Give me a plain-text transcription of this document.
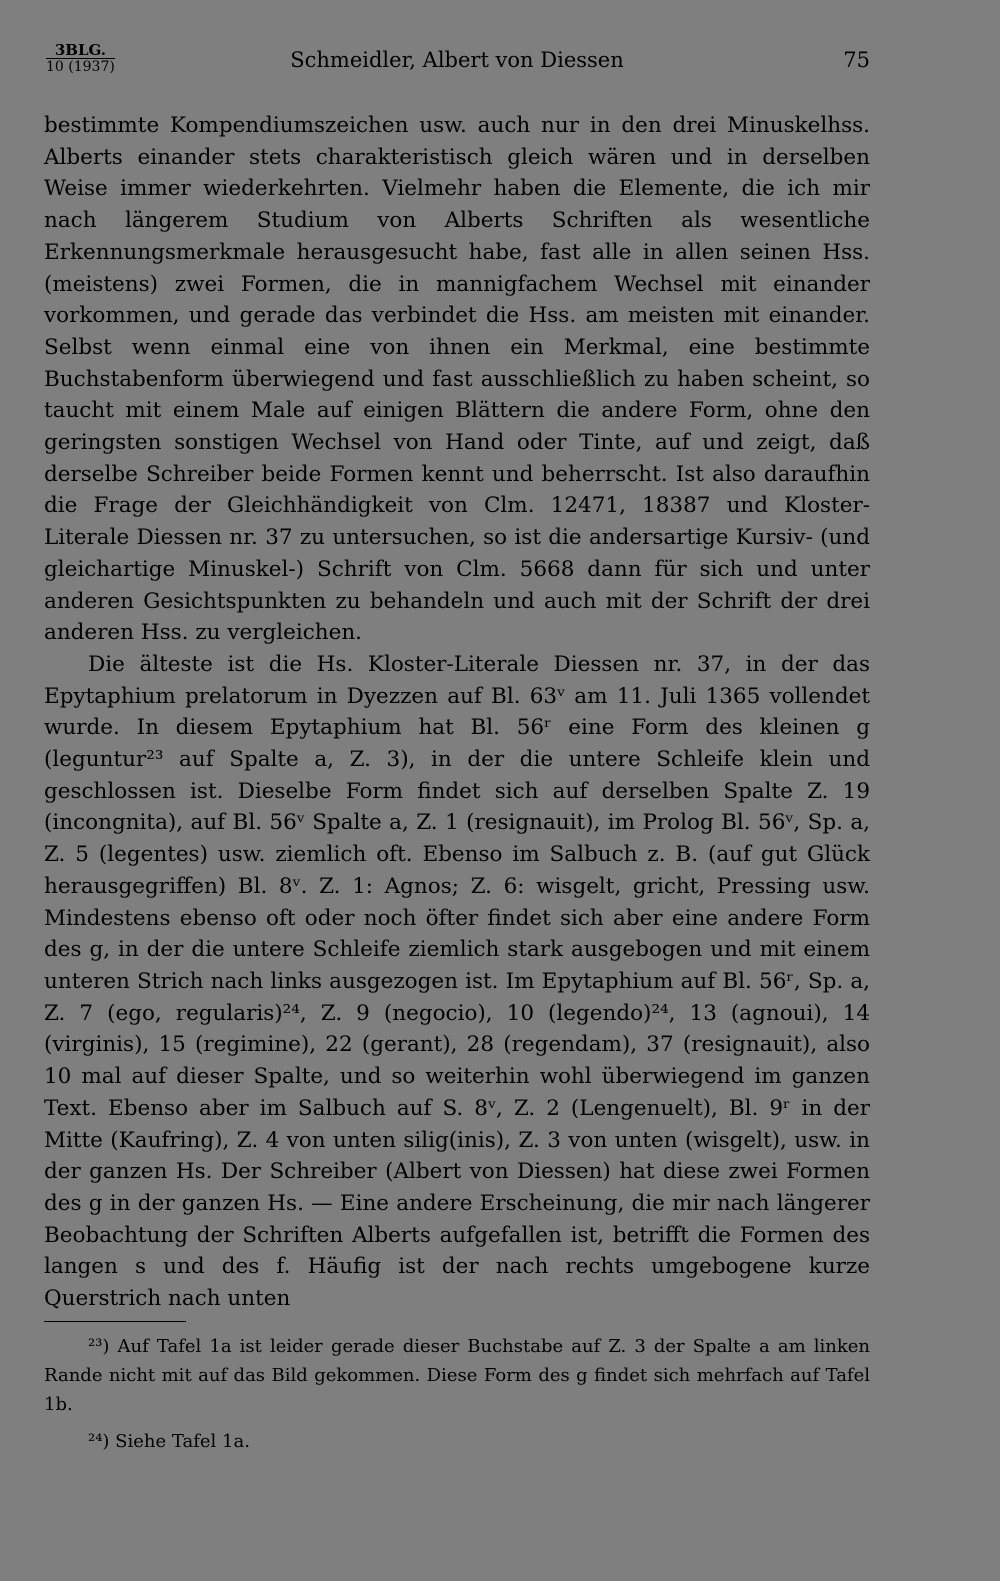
3BLG.
10 (1937)	Schmeidler, Albert von Diessen	75

bestimmte Kompendiumszeichen usw. auch nur in den drei Minuskelhss. Alberts einander stets charakteristisch gleich wären und in derselben Weise immer wiederkehrten. Vielmehr haben die Elemente, die ich mir nach längerem Studium von Alberts Schriften als wesentliche Erkennungsmerkmale herausgesucht habe, fast alle in allen seinen Hss. (meistens) zwei Formen, die in mannigfachem Wechsel mit einander vorkommen, und gerade das verbindet die Hss. am meisten mit einander. Selbst wenn einmal eine von ihnen ein Merkmal, eine bestimmte Buchstabenform überwiegend und fast ausschließlich zu haben scheint, so taucht mit einem Male auf einigen Blättern die andere Form, ohne den geringsten sonstigen Wechsel von Hand oder Tinte, auf und zeigt, daß derselbe Schreiber beide Formen kennt und beherrscht. Ist also daraufhin die Frage der Gleichhändigkeit von Clm. 12471, 18387 und Kloster-Literale Diessen nr. 37 zu untersuchen, so ist die andersartige Kursiv- (und gleichartige Minuskel-) Schrift von Clm. 5668 dann für sich und unter anderen Gesichtspunkten zu behandeln und auch mit der Schrift der drei anderen Hss. zu vergleichen.

Die älteste ist die Hs. Kloster-Literale Diessen nr. 37, in der das Epytaphium prelatorum in Dyezzen auf Bl. 63ᵛ am 11. Juli 1365 vollendet wurde. In diesem Epytaphium hat Bl. 56ʳ eine Form des kleinen g (leguntur²³ auf Spalte a, Z. 3), in der die untere Schleife klein und geschlossen ist. Dieselbe Form findet sich auf derselben Spalte Z. 19 (incongnita), auf Bl. 56ᵛ Spalte a, Z. 1 (resignauit), im Prolog Bl. 56ᵛ, Sp. a, Z. 5 (legentes) usw. ziemlich oft. Ebenso im Salbuch z. B. (auf gut Glück herausgegriffen) Bl. 8ᵛ. Z. 1: Agnos; Z. 6: wisgelt, gricht, Pressing usw. Mindestens ebenso oft oder noch öfter findet sich aber eine andere Form des g, in der die untere Schleife ziemlich stark ausgebogen und mit einem unteren Strich nach links ausgezogen ist. Im Epytaphium auf Bl. 56ʳ, Sp. a, Z. 7 (ego, regularis)²⁴, Z. 9 (negocio), 10 (legendo)²⁴, 13 (agnoui), 14 (virginis), 15 (regimine), 22 (gerant), 28 (regendam), 37 (resignauit), also 10 mal auf dieser Spalte, und so weiterhin wohl überwiegend im ganzen Text. Ebenso aber im Salbuch auf S. 8ᵛ, Z. 2 (Lengenuelt), Bl. 9ʳ in der Mitte (Kaufring), Z. 4 von unten silig(inis), Z. 3 von unten (wisgelt), usw. in der ganzen Hs. Der Schreiber (Albert von Diessen) hat diese zwei Formen des g in der ganzen Hs. — Eine andere Erscheinung, die mir nach längerer Beobachtung der Schriften Alberts aufgefallen ist, betrifft die Formen des langen s und des f. Häufig ist der nach rechts umgebogene kurze Querstrich nach unten

²³) Auf Tafel 1a ist leider gerade dieser Buchstabe auf Z. 3 der Spalte a am linken Rande nicht mit auf das Bild gekommen. Diese Form des g findet sich mehrfach auf Tafel 1b.

²⁴) Siehe Tafel 1a.
